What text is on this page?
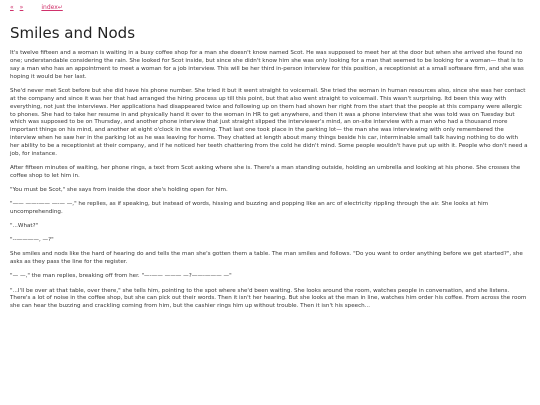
« »	index↵
Smiles and Nods

It's twelve fifteen and a woman is waiting in a busy coffee shop for a man she doesn't know named Scot. He was supposed to meet her at the door but when she arrived she found no one; understandable considering the rain. She looked for Scot inside, but since she didn't know him she was only looking for a man that seemed to be looking for a woman— that is to say a man who has an appointment to meet a woman for a job interview. This will be her third in-person interview for this position, a receptionist at a small software firm, and she was hoping it would be her last.

She'd never met Scot before but she did have his phone number. She tried it but it went straight to voicemail. She tried the woman in human resources also, since she was her contact at the company and since it was her that had arranged the hiring process up till this point, but that also went straight to voicemail. This wasn't surprising. Itd been this way with everything, not just the interviews. Her applications had disappeared twice and following up on them had shown her right from the start that the people at this company were allergic to phones. She had to take her resume in and physically hand it over to the woman in HR to get anywhere, and then it was a phone interview that she was told was on Tuesday but which was supposed to be on Thursday, and another phone interview that just straight slipped the interviewer's mind, an on-site interview with a man who had a thousand more important things on his mind, and another at eight o'clock in the evening. That last one took place in the parking lot— the man she was interviewing with only remembered the interview when he saw her in the parking lot as he was leaving for home. They chatted at length about many things beside his car, interminable small talk having nothing to do with her ability to be a receptionist at their company, and if he noticed her teeth chattering from the cold he didn't mind. Some people wouldn't have put up with it. People who don't need a job, for instance.

After fifteen minutes of waiting, her phone rings, a text from Scot asking where she is. There's a man standing outside, holding an umbrella and looking at his phone. She crosses the coffee shop to let him in.

"You must be Scot," she says from inside the door she's holding open for him.

"—— ——-—— —-— —," he replies, as if speaking, but instead of words, hissing and buzzing and popping like an arc of electricity rippling through the air. She looks at him uncomprehending.

"...What?"

"--————, —?"

She smiles and nods like the hard of hearing do and tells the man she's gotten them a table. The man smiles and follows. "Do you want to order anything before we get started?", she asks as they pass the line for the register.

"— —," the man replies, breaking off from her. "—-—— ——— —?——-——— —"

"...I'll be over at that table, over there," she tells him, pointing to the spot where she'd been waiting. She looks around the room, watches people in conversation, and she listens. There's a lot of noise in the coffee shop, but she can pick out their words. Then it isn't her hearing. But she looks at the man in line, watches him order his coffee. From across the room she can hear the buzzing and crackling coming from him, but the cashier rings him up without trouble. Then it isn't his speech...
